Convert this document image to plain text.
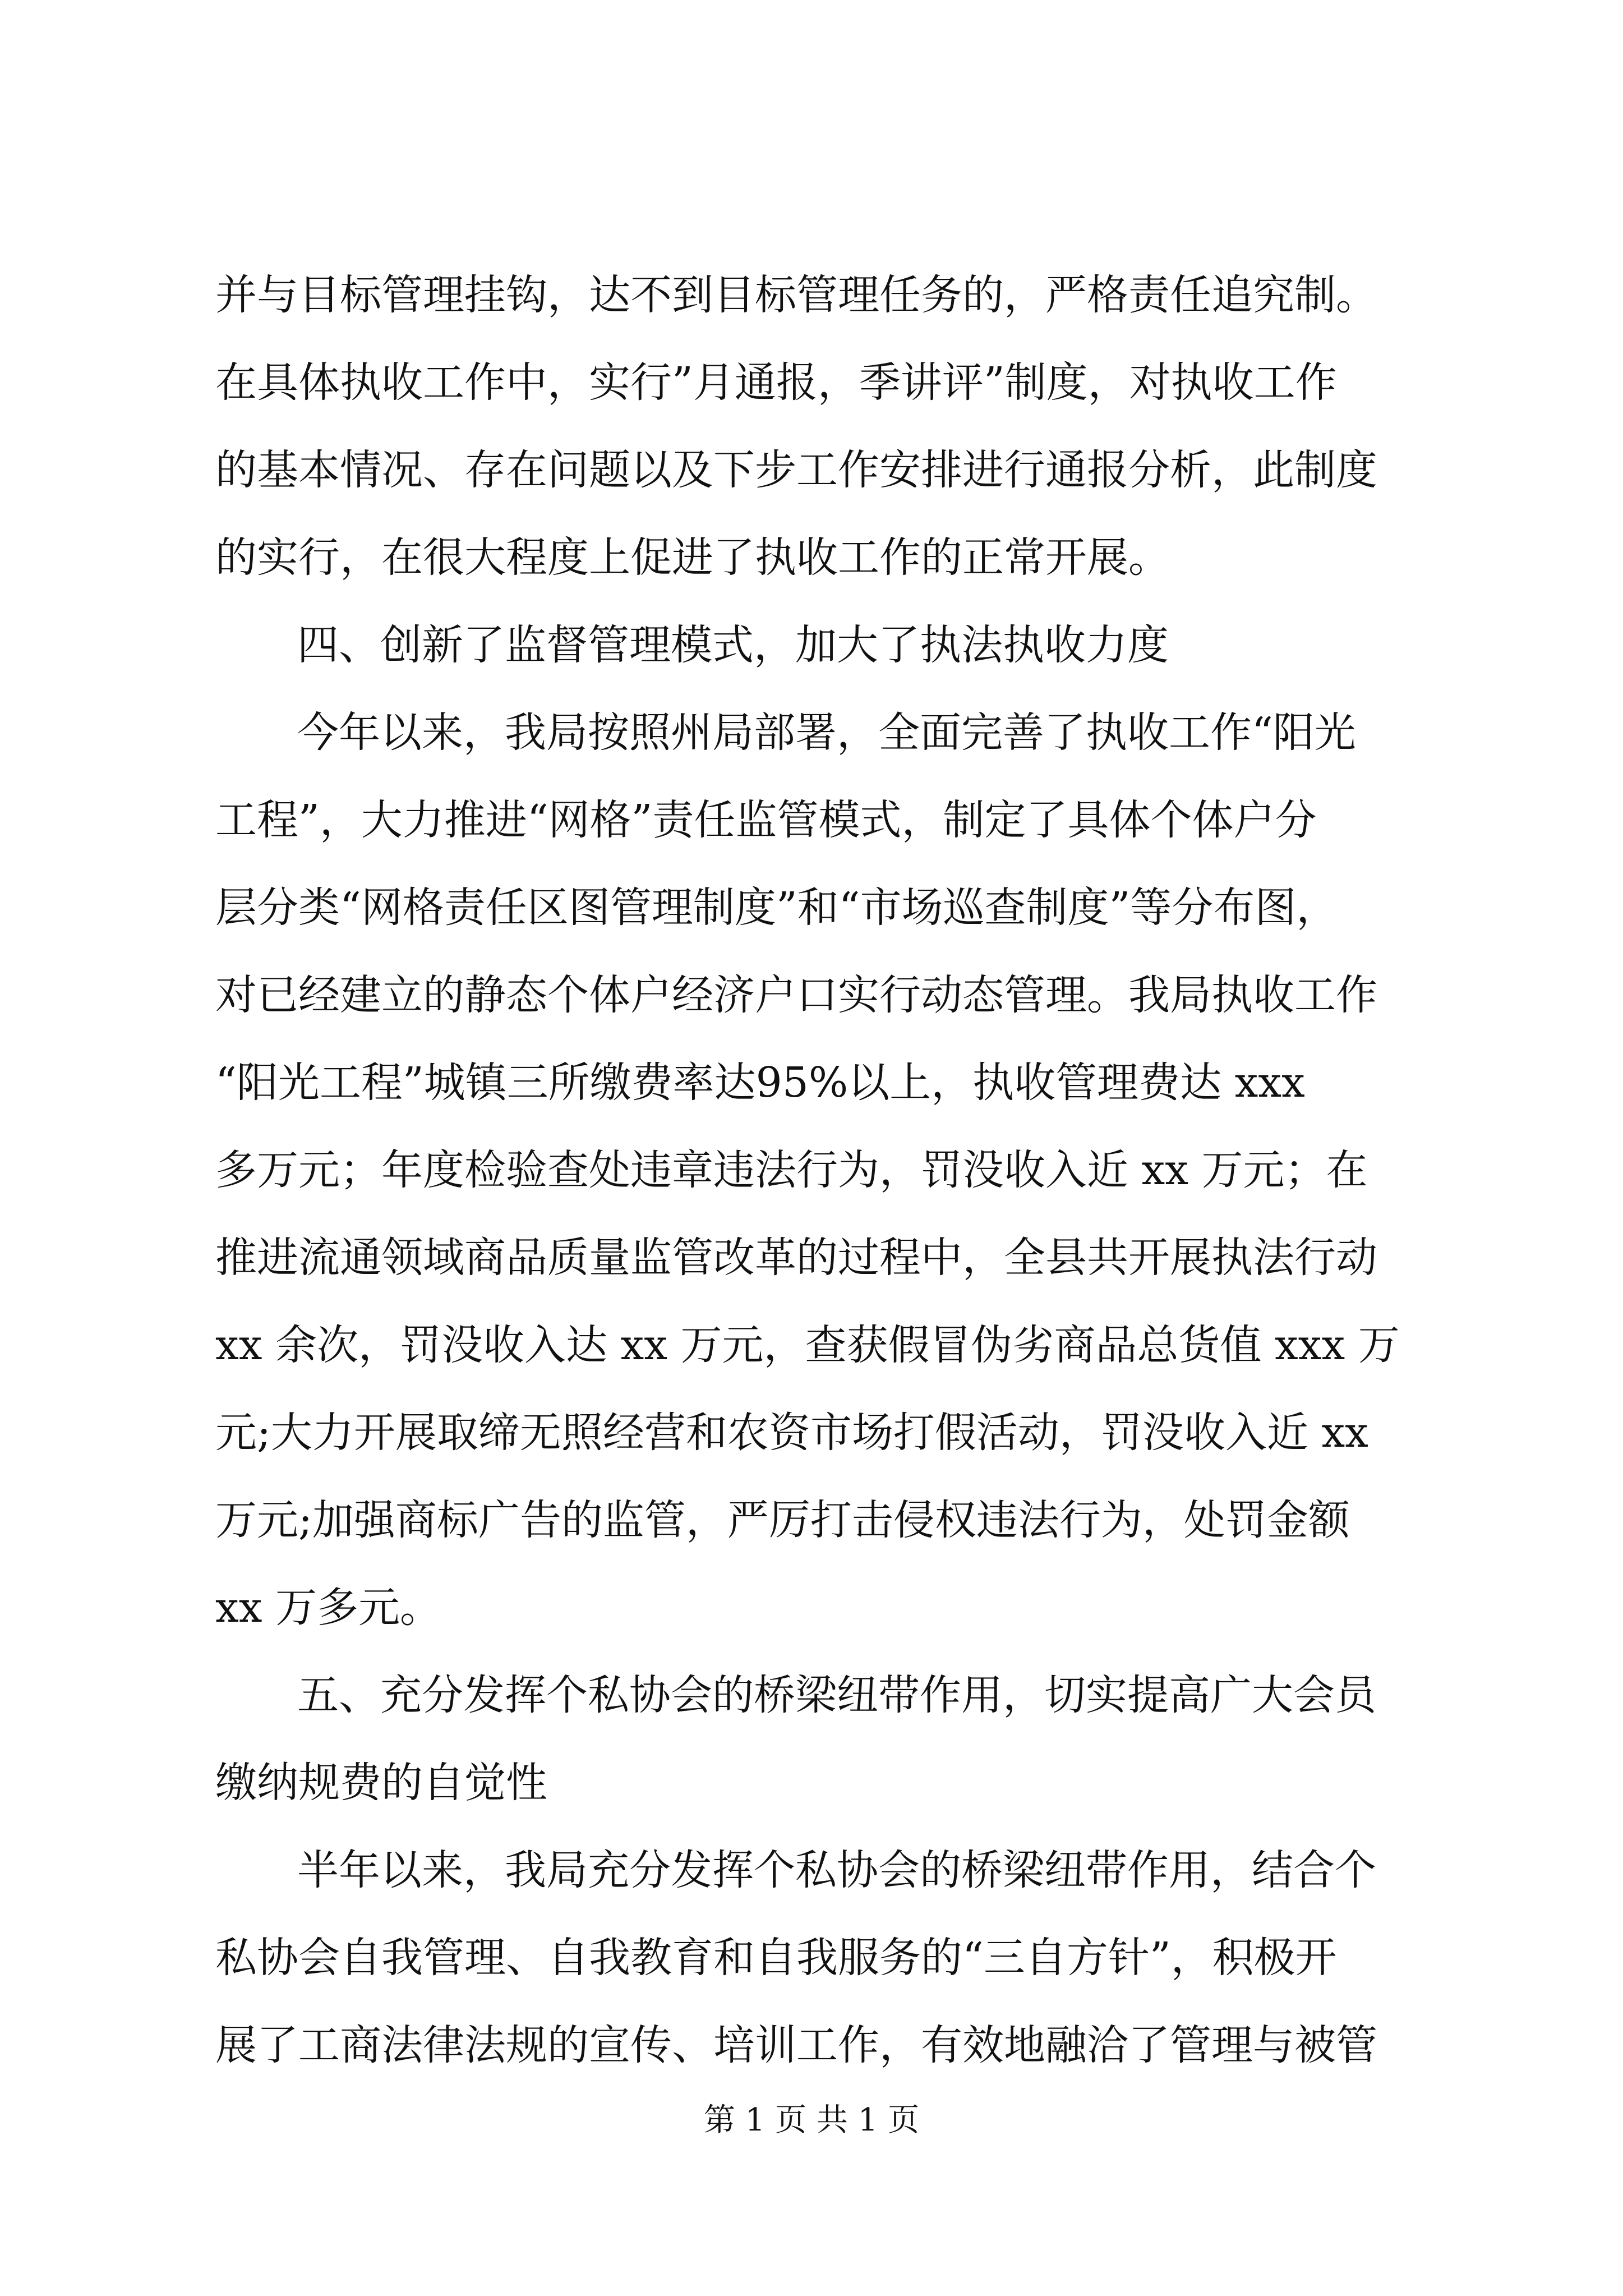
并与目标管理挂钩，达不到目标管理任务的，严格责任追究制。
在具体执收工作中，实行”月通报，季讲评”制度，对执收工作
的基本情况、存在问题以及下步工作安排进行通报分析，此制度
的实行，在很大程度上促进了执收工作的正常开展。
四、创新了监督管理模式，加大了执法执收力度
今年以来，我局按照州局部署，全面完善了执收工作“阳光
工程”，大力推进“网格”责任监管模式，制定了具体个体户分
层分类“网格责任区图管理制度”和“市场巡查制度”等分布图，
对已经建立的静态个体户经济户口实行动态管理。我局执收工作
“阳光工程”城镇三所缴费率达95%以上，执收管理费达 xxx
多万元；年度检验查处违章违法行为，罚没收入近 xx 万元；在
推进流通领域商品质量监管改革的过程中，全县共开展执法行动
xx 余次，罚没收入达 xx 万元，查获假冒伪劣商品总货值 xxx 万
元;大力开展取缔无照经营和农资市场打假活动，罚没收入近 xx
万元;加强商标广告的监管，严厉打击侵权违法行为，处罚金额
xx 万多元。
五、充分发挥个私协会的桥梁纽带作用，切实提高广大会员
缴纳规费的自觉性
半年以来，我局充分发挥个私协会的桥梁纽带作用，结合个
私协会自我管理、自我教育和自我服务的“三自方针”，积极开
展了工商法律法规的宣传、培训工作，有效地融洽了管理与被管
第 1 页 共 1 页
